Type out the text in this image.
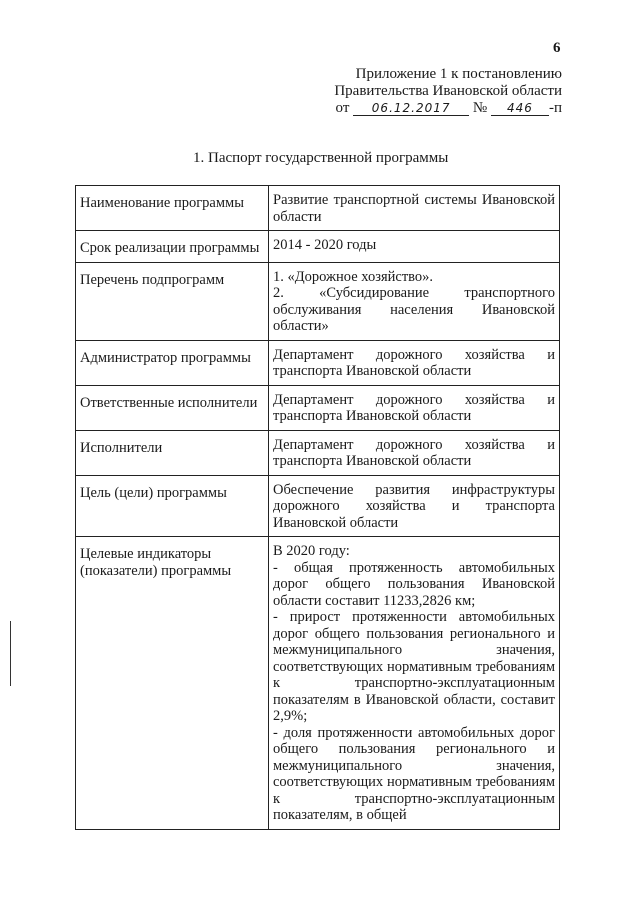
6
Приложение 1 к постановлению
Правительства Ивановской области
от 06.12.2017 № 446 -п
1. Паспорт государственной программы
Наименование программы	Развитие транспортной системы Ивановской области
Срок реализации программы	2014 - 2020 годы
Перечень подпрограмм	1. «Дорожное хозяйство».
2. «Субсидирование транспортного обслуживания населения Ивановской области»

Администратор программы	Департамент дорожного хозяйства и транспорта Ивановской области
Ответственные исполнители	Департамент дорожного хозяйства и транспорта Ивановской области
Исполнители	Департамент дорожного хозяйства и транспорта Ивановской области
Цель (цели) программы	Обеспечение развития инфраструктуры дорожного хозяйства и транспорта Ивановской области
Целевые индикаторы (показатели) программы	В 2020 году:
- общая протяженность автомобильных дорог общего пользования Ивановской области составит 11233,2826 км;
- прирост протяженности автомобильных дорог общего пользования регионального и межмуниципального значения, соответствующих нормативным требованиям к транспортно-эксплуатационным показателям в Ивановской области, составит 2,9%;
- доля протяженности автомобильных дорог общего пользования регионального и межмуниципального значения, соответствующих нормативным требованиям к транспортно-эксплуатационным показателям, в общей
